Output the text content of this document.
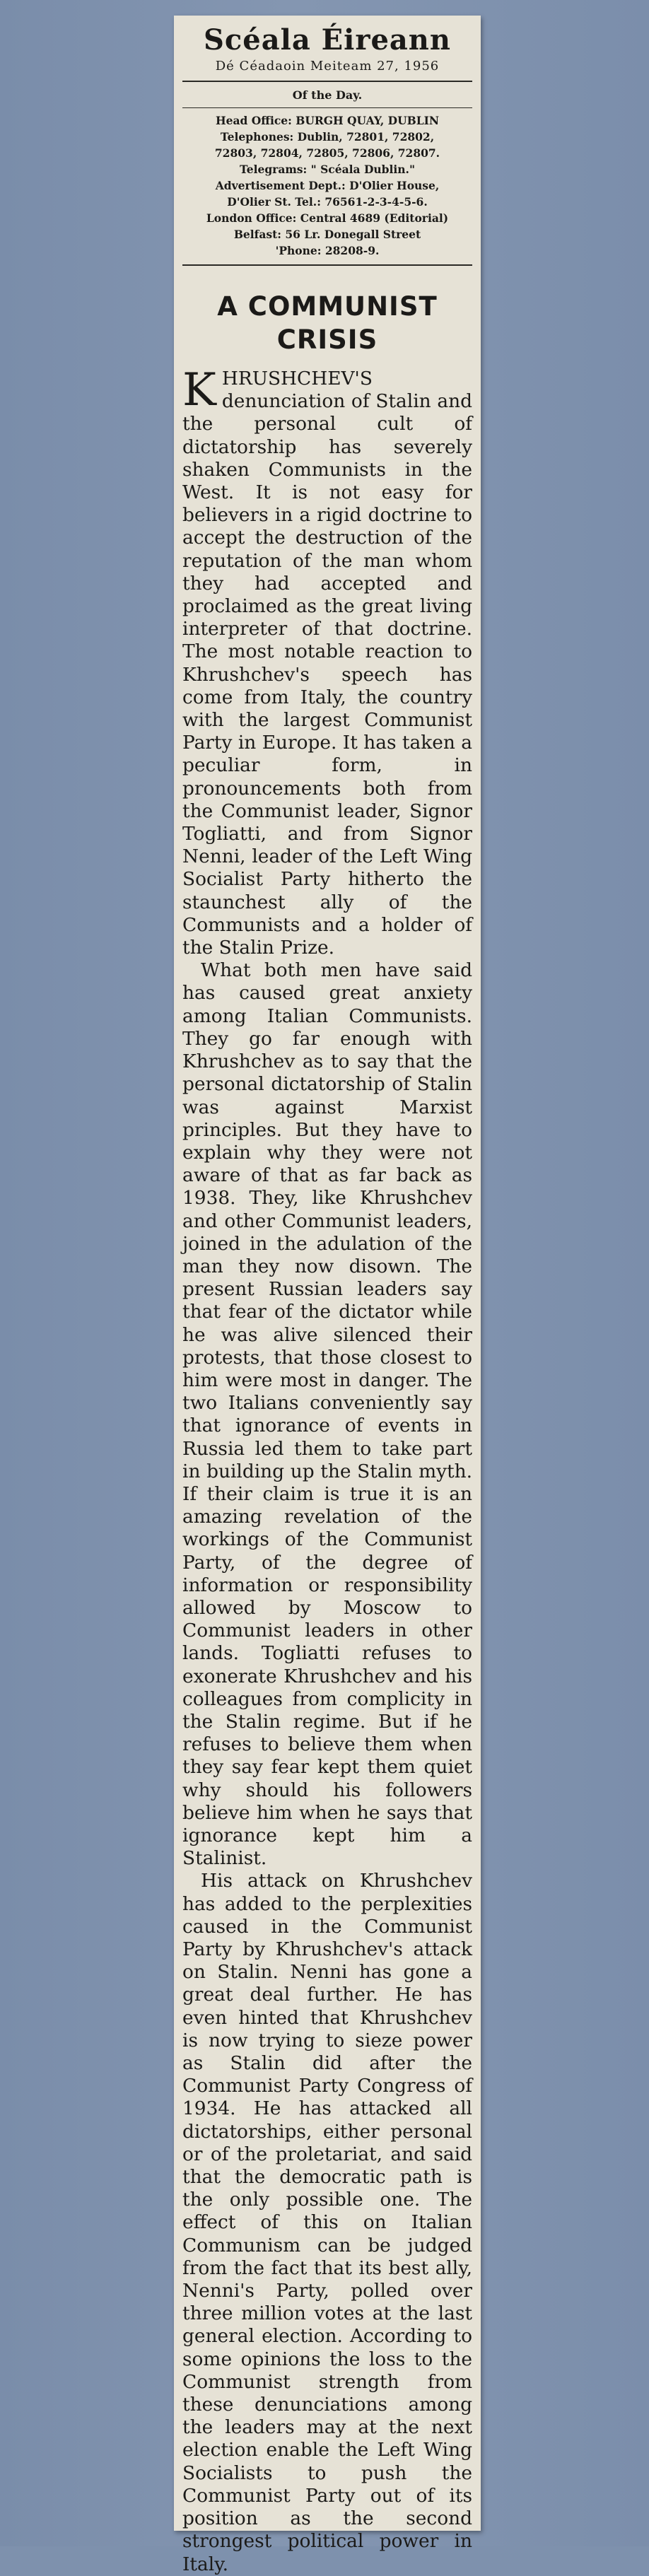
Scéala Éireann
Dé Céadaoin Meiteam 27, 1956
Of the Day.
Head Office: BURGH QUAY, DUBLIN
Telephones: Dublin, 72801, 72802,
72803, 72804, 72805, 72806, 72807.
Telegrams: " Scéala Dublin."
Advertisement Dept.: D'Olier House,
D'Olier St. Tel.: 76561-2-3-4-5-6.
London Office: Central 4689 (Editorial)
Belfast: 56 Lr. Donegall Street
'Phone: 28208-9.
A COMMUNIST CRISIS

KHRUSHCHEV'S denunciation of Stalin and the personal cult of dictatorship has severely shaken Communists in the West. It is not easy for believers in a rigid doctrine to accept the destruction of the reputation of the man whom they had accepted and proclaimed as the great living interpreter of that doctrine. The most notable reaction to Khrushchev's speech has come from Italy, the country with the largest Communist Party in Europe. It has taken a peculiar form, in pronouncements both from the Communist leader, Signor Togliatti, and from Signor Nenni, leader of the Left Wing Socialist Party hitherto the staunchest ally of the Communists and a holder of the Stalin Prize.

What both men have said has caused great anxiety among Italian Communists. They go far enough with Khrushchev as to say that the personal dictatorship of Stalin was against Marxist principles. But they have to explain why they were not aware of that as far back as 1938. They, like Khrushchev and other Communist leaders, joined in the adulation of the man they now disown. The present Russian leaders say that fear of the dictator while he was alive silenced their protests, that those closest to him were most in danger. The two Italians conveniently say that ignorance of events in Russia led them to take part in building up the Stalin myth. If their claim is true it is an amazing revelation of the workings of the Communist Party, of the degree of information or responsibility allowed by Moscow to Communist leaders in other lands. Togliatti refuses to exonerate Khrushchev and his colleagues from complicity in the Stalin regime. But if he refuses to believe them when they say fear kept them quiet why should his followers believe him when he says that ignorance kept him a Stalinist.

His attack on Khrushchev has added to the perplexities caused in the Communist Party by Khrushchev's attack on Stalin. Nenni has gone a great deal further. He has even hinted that Khrushchev is now trying to sieze power as Stalin did after the Communist Party Congress of 1934. He has attacked all dictatorships, either personal or of the proletariat, and said that the democratic path is the only possible one. The effect of this on Italian Communism can be judged from the fact that its best ally, Nenni's Party, polled over three million votes at the last general election. According to some opinions the loss to the Communist strength from these denunciations among the leaders may at the next election enable the Left Wing Socialists to push the Communist Party out of its position as the second strongest political power in Italy.
